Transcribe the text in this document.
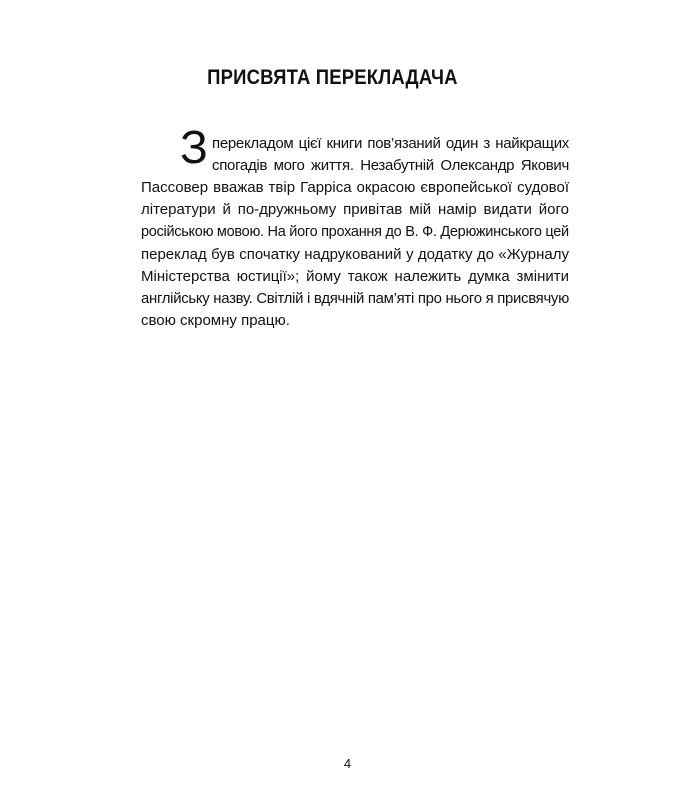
ПРИСВЯТА ПЕРЕКЛАДАЧА
З перекладом цієї книги пов’язаний один з найкращих
спогадів мого життя. Незабутній Олександр Якович
Пассовер вважав твір Гарріса окрасою європейської судової
літератури й по-дружньому привітав мій намір видати його
російською мовою. На його прохання до В. Ф. Дерюжинського цей
переклад був спочатку надрукований у додатку до «Журналу
Міністерства юстиції»; йому також належить думка змінити
англійську назву. Світлій і вдячній пам’яті про нього я присвячую
свою скромну працю.
4
